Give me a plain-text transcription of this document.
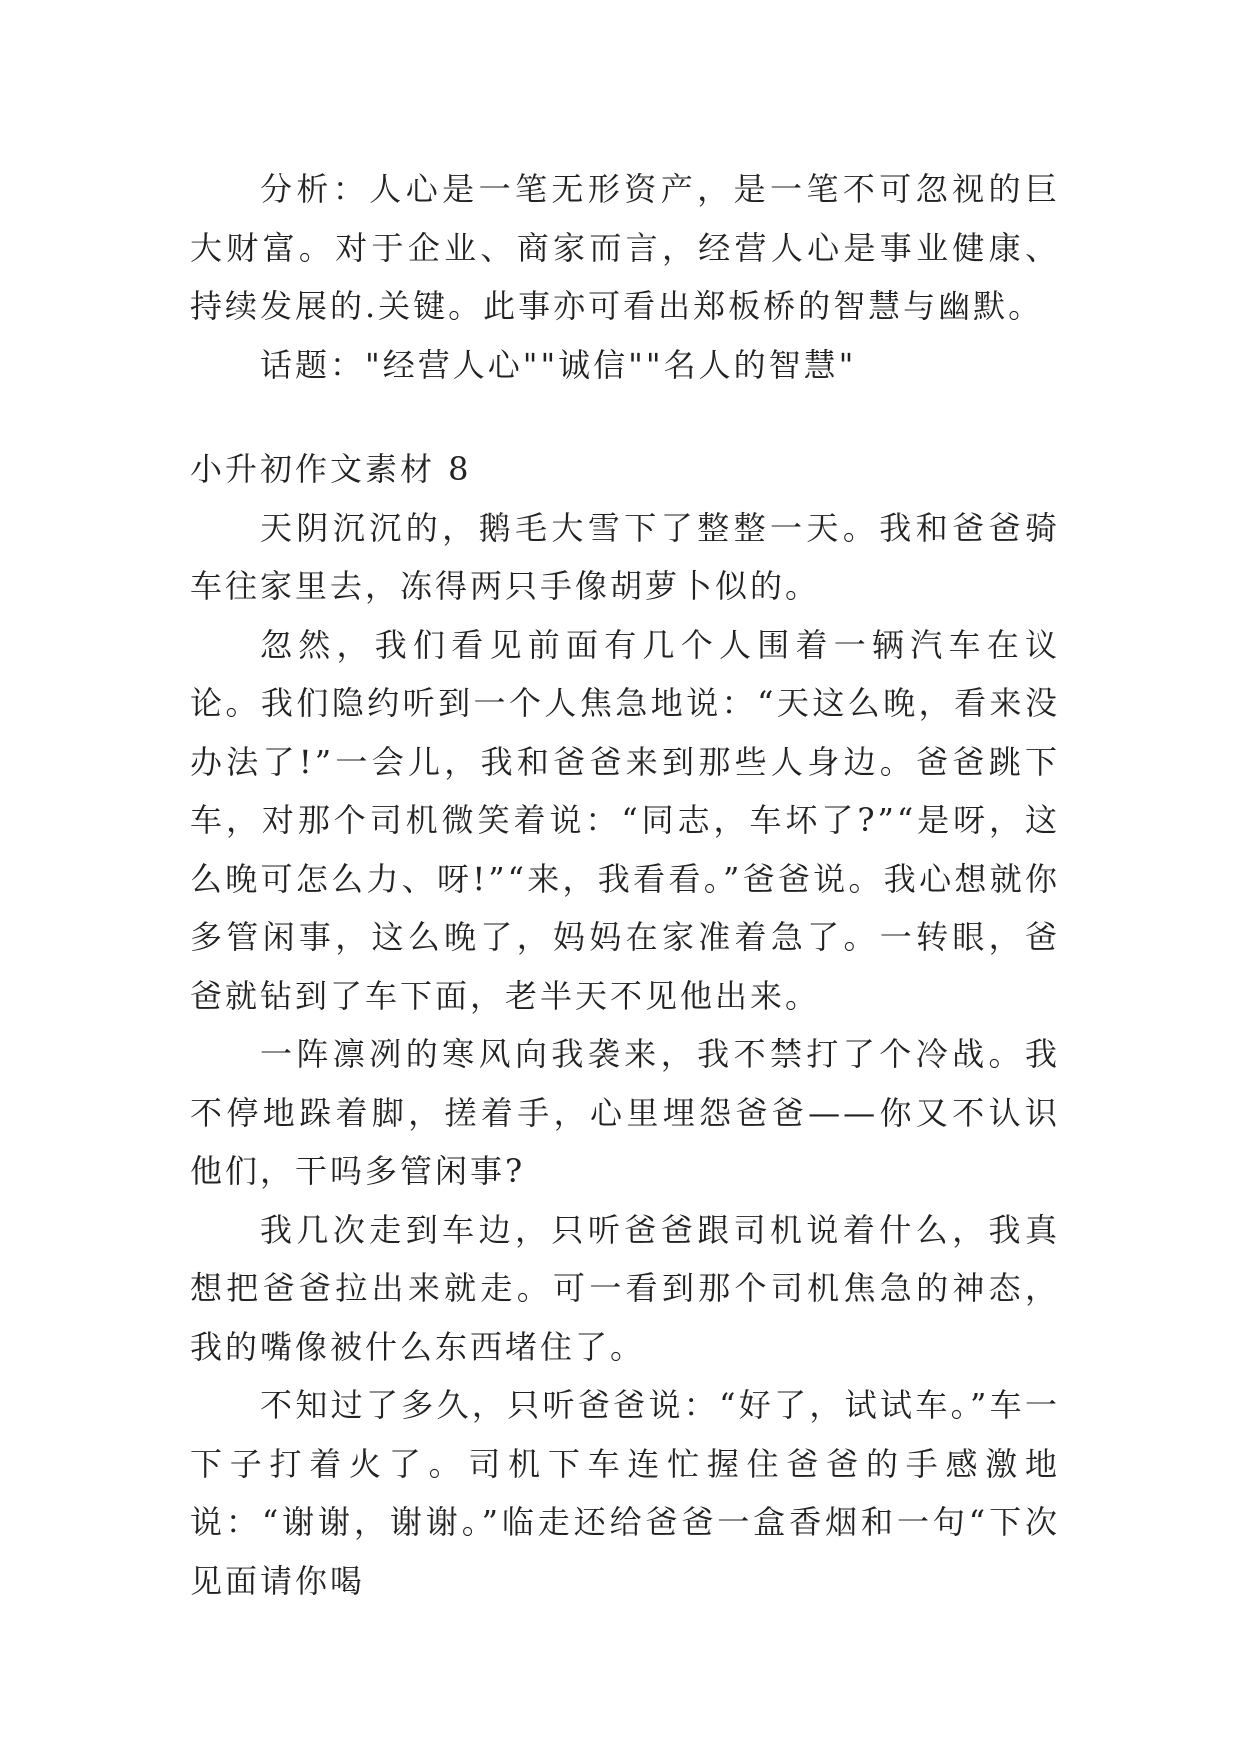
分析：人心是一笔无形资产，是一笔不可忽视的巨大财富。对于企业、商家而言，经营人心是事业健康、持续发展的.关键。此事亦可看出郑板桥的智慧与幽默。

话题："经营人心""诚信""名人的智慧"

小升初作文素材 8

天阴沉沉的，鹅毛大雪下了整整一天。我和爸爸骑车往家里去，冻得两只手像胡萝卜似的。

忽然，我们看见前面有几个人围着一辆汽车在议论。我们隐约听到一个人焦急地说：“天这么晚，看来没办法了!”一会儿，我和爸爸来到那些人身边。爸爸跳下车，对那个司机微笑着说：“同志，车坏了?”“是呀，这么晚可怎么力、呀!”“来，我看看。”爸爸说。我心想就你多管闲事，这么晚了，妈妈在家准着急了。一转眼，爸爸就钻到了车下面，老半天不见他出来。

一阵凛冽的寒风向我袭来，我不禁打了个冷战。我不停地跺着脚，搓着手，心里埋怨爸爸——你又不认识他们，干吗多管闲事?

我几次走到车边，只听爸爸跟司机说着什么，我真想把爸爸拉出来就走。可一看到那个司机焦急的神态，我的嘴像被什么东西堵住了。

不知过了多久，只听爸爸说：“好了，试试车。”车一下子打着火了。司机下车连忙握住爸爸的手感激地说：“谢谢，谢谢。”临走还给爸爸一盒香烟和一句“下次见面请你喝
